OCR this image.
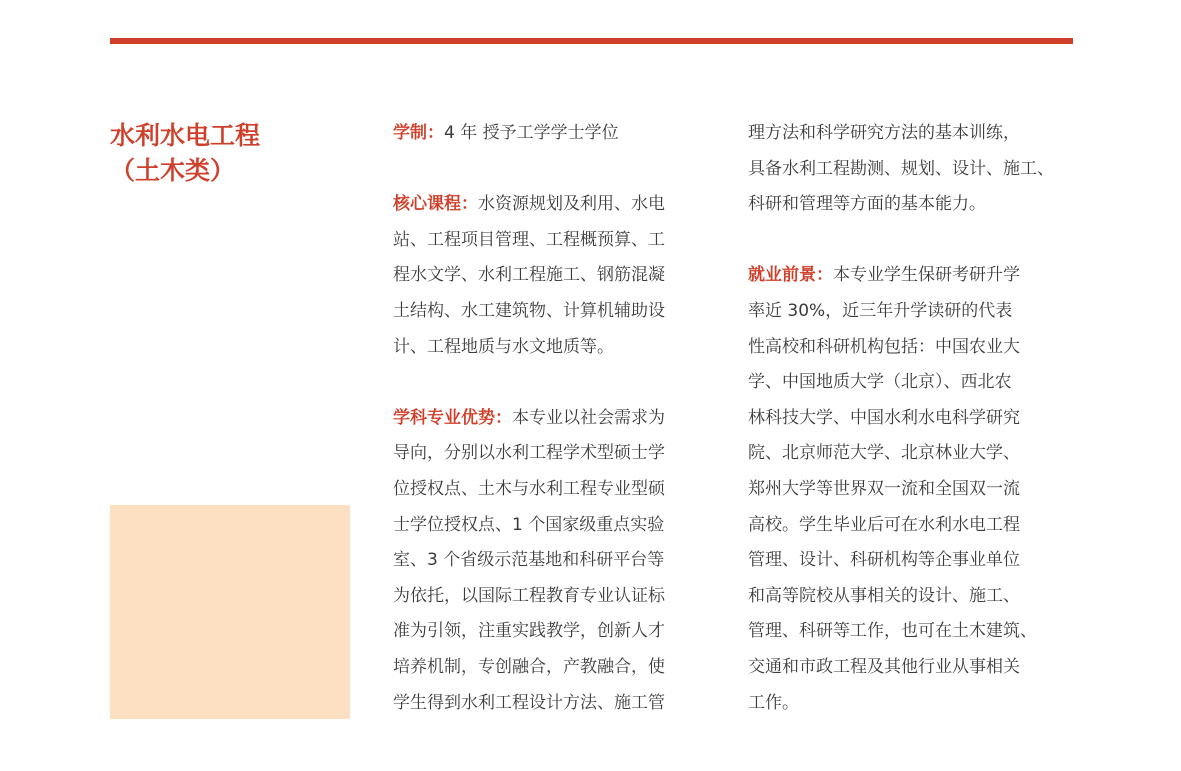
水利水电工程
（土木类）
学制：4 年 授予工学学士学位
核心课程：水资源规划及利用、水电
站、工程项目管理、工程概预算、工
程水文学、水利工程施工、钢筋混凝
土结构、水工建筑物、计算机辅助设
计、工程地质与水文地质等。
学科专业优势：本专业以社会需求为
导向，分别以水利工程学术型硕士学
位授权点、土木与水利工程专业型硕
士学位授权点、1 个国家级重点实验
室、3 个省级示范基地和科研平台等
为依托，以国际工程教育专业认证标
准为引领，注重实践教学，创新人才
培养机制，专创融合，产教融合，使
学生得到水利工程设计方法、施工管
理方法和科学研究方法的基本训练，
具备水利工程勘测、规划、设计、施工、
科研和管理等方面的基本能力。
就业前景：本专业学生保研考研升学
率近 30%，近三年升学读研的代表
性高校和科研机构包括：中国农业大
学、中国地质大学（北京）、西北农
林科技大学、中国水利水电科学研究
院、北京师范大学、北京林业大学、
郑州大学等世界双一流和全国双一流
高校。学生毕业后可在水利水电工程
管理、设计、科研机构等企事业单位
和高等院校从事相关的设计、施工、
管理、科研等工作，也可在土木建筑、
交通和市政工程及其他行业从事相关
工作。
